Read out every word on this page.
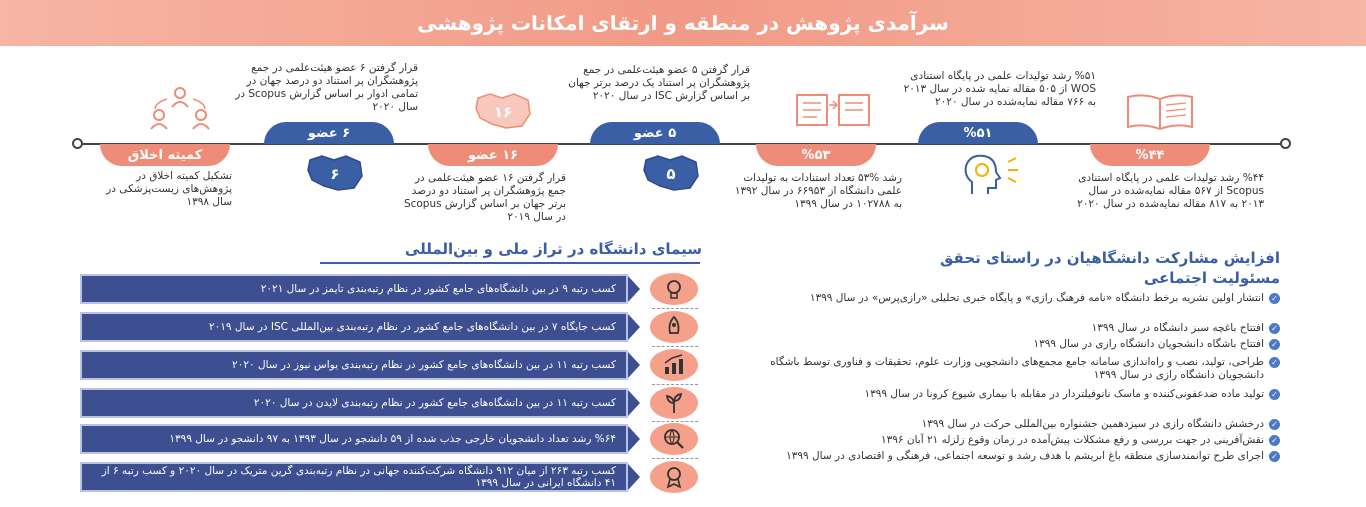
سرآمدی پژوهش در منطقه و ارتقای امکانات پژوهشی
%۴۴
%۵۱
%۵۳
۵ عضو
۱۶ عضو
۶ عضو
کمیته اخلاق
قرار گرفتن ۶ عضو هیئت‌علمی در جمع پژوهشگران پر استناد دو درصد جهان در تمامی ادوار بر اساس گزارش Scopus در سال ۲۰۲۰
قرار گرفتن ۵ عضو هیئت‌علمی در جمع پژوهشگران پر استناد یک درصد برتر جهان بر اساس گزارش ISC در سال ۲۰۲۰
%۵۱ رشد تولیدات علمی در پایگاه استنادی WOS از ۵۰۵ مقاله نمایه شده در سال ۲۰۱۳ به ۷۶۶ مقاله نمایه‌شده در سال ۲۰۲۰
تشکیل کمیته اخلاق در پژوهش‌های زیست‌پزشکی در سال ۱۳۹۸
قرار گرفتن ۱۶ عضو هیئت‌علمی در جمع پژوهشگران پر استناد دو درصد برتر جهان بر اساس گزارش Scopus در سال ۲۰۱۹
رشد %۵۳ تعداد استنادات به تولیدات علمی دانشگاه از ۶۶۹۵۳ در سال ۱۳۹۲ به ۱۰۲۷۸۸ در سال ۱۳۹۹
%۴۴ رشد تولیدات علمی در پایگاه استنادی Scopus از ۵۶۷ مقاله نمایه‌شده در سال ۲۰۱۳ به ۸۱۷ مقاله نمایه‌شده در سال ۲۰۲۰
۱۶
۶	۵
سیمای دانشگاه در تراز ملی و بین‌المللی
کسب رتبه ۹ در بین دانشگاه‌های جامع کشور در نظام رتبه‌بندی تایمز در سال ۲۰۲۱
کسب جایگاه ۷ در بین دانشگاه‌های جامع کشور در نظام رتبه‌بندی بین‌المللی ISC در سال ۲۰۱۹
کسب رتبه ۱۱ در بین دانشگاه‌های جامع کشور در نظام رتبه‌بندی یواس نیوز در سال ۲۰۲۰
کسب رتبه ۱۱ در بین دانشگاه‌های جامع کشور در نظام رتبه‌بندی لایدن در سال ۲۰۲۰
%۶۴ رشد تعداد دانشجویان خارجی جذب شده از ۵۹ دانشجو در سال ۱۳۹۳ به ۹۷ دانشجو در سال ۱۳۹۹
کسب رتبه ۲۶۳ از میان ۹۱۲ دانشگاه شرکت‌کننده جهانی در نظام رتبه‌بندی گرین متریک در سال ۲۰۲۰ و کسب رتبه ۶ از ۴۱ دانشگاه ایرانی در سال ۱۳۹۹
افزایش مشارکت دانشگاهیان در راستای تحقق
مسئولیت اجتماعی
✓
انتشار اولین نشریه برخط دانشگاه «نامه فرهنگ رازی» و پایگاه خبری تحلیلی «رازی‌پرس» در سال ۱۳۹۹
✓
افتتاح باغچه سبز دانشگاه در سال ۱۳۹۹
✓
افتتاح باشگاه دانشجویان دانشگاه رازی در سال ۱۳۹۹
✓
طراحی، تولید، نصب و راه‌اندازی سامانه جامع مجمع‌های دانشجویی وزارت علوم، تحقیقات و فناوری توسط باشگاه دانشجویان دانشگاه رازی در سال ۱۳۹۹
✓
تولید ماده ضدعفونی‌کننده و ماسک نانوفیلتردار در مقابله با بیماری شیوع کرونا در سال ۱۳۹۹
✓
درخشش دانشگاه رازی در سیزدهمین جشنواره بین‌المللی حرکت در سال ۱۳۹۹
✓
نقش‌آفرینی در جهت بررسی و رفع مشکلات پیش‌آمده در زمان وقوع زلزله ۲۱ آبان ۱۳۹۶
✓
اجرای طرح توانمندسازی منطقه باغ ابریشم با هدف رشد و توسعه اجتماعی، فرهنگی و اقتصادی در سال ۱۳۹۹
